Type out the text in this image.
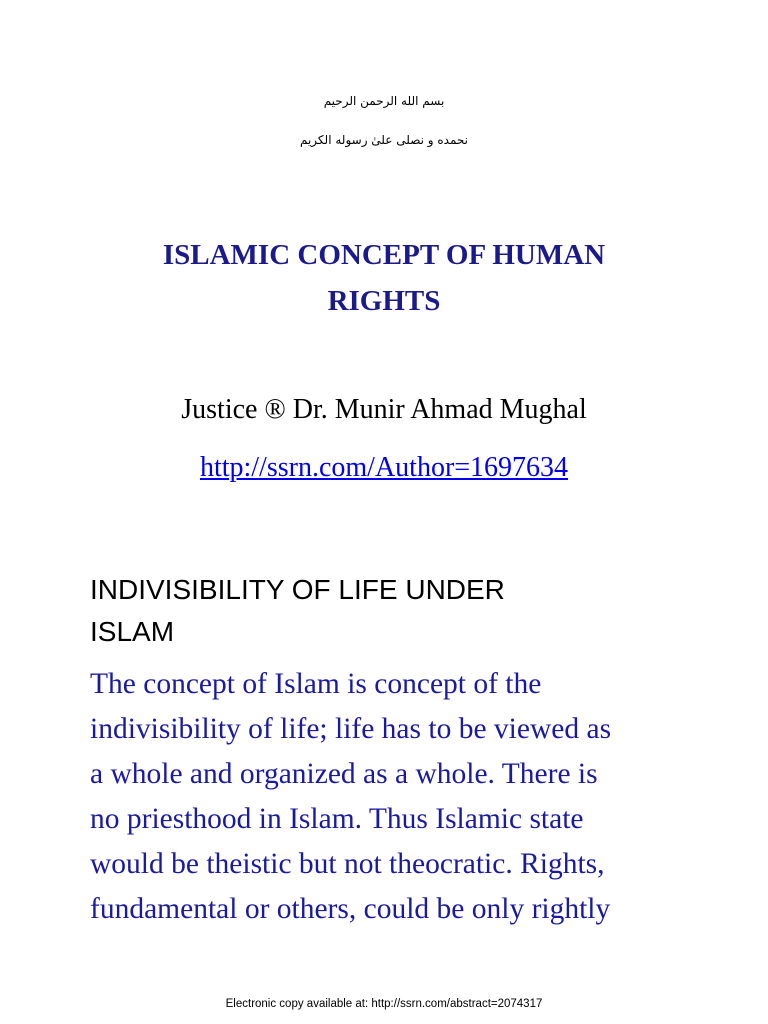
بسم الله الرحمن الرحيم
نحمده و نصلى علىٰ رسوله الكريم
ISLAMIC CONCEPT OF HUMAN
RIGHTS
Justice ® Dr. Munir Ahmad Mughal
http://ssrn.com/Author=1697634
INDIVISIBILITY OF LIFE UNDER
ISLAM
The concept of Islam is concept of the
indivisibility of life; life has to be viewed as
a whole and organized as a whole. There is
no priesthood in Islam. Thus Islamic state
would be theistic but not theocratic. Rights,
fundamental or others, could be only rightly
Electronic copy available at: http://ssrn.com/abstract=2074317
